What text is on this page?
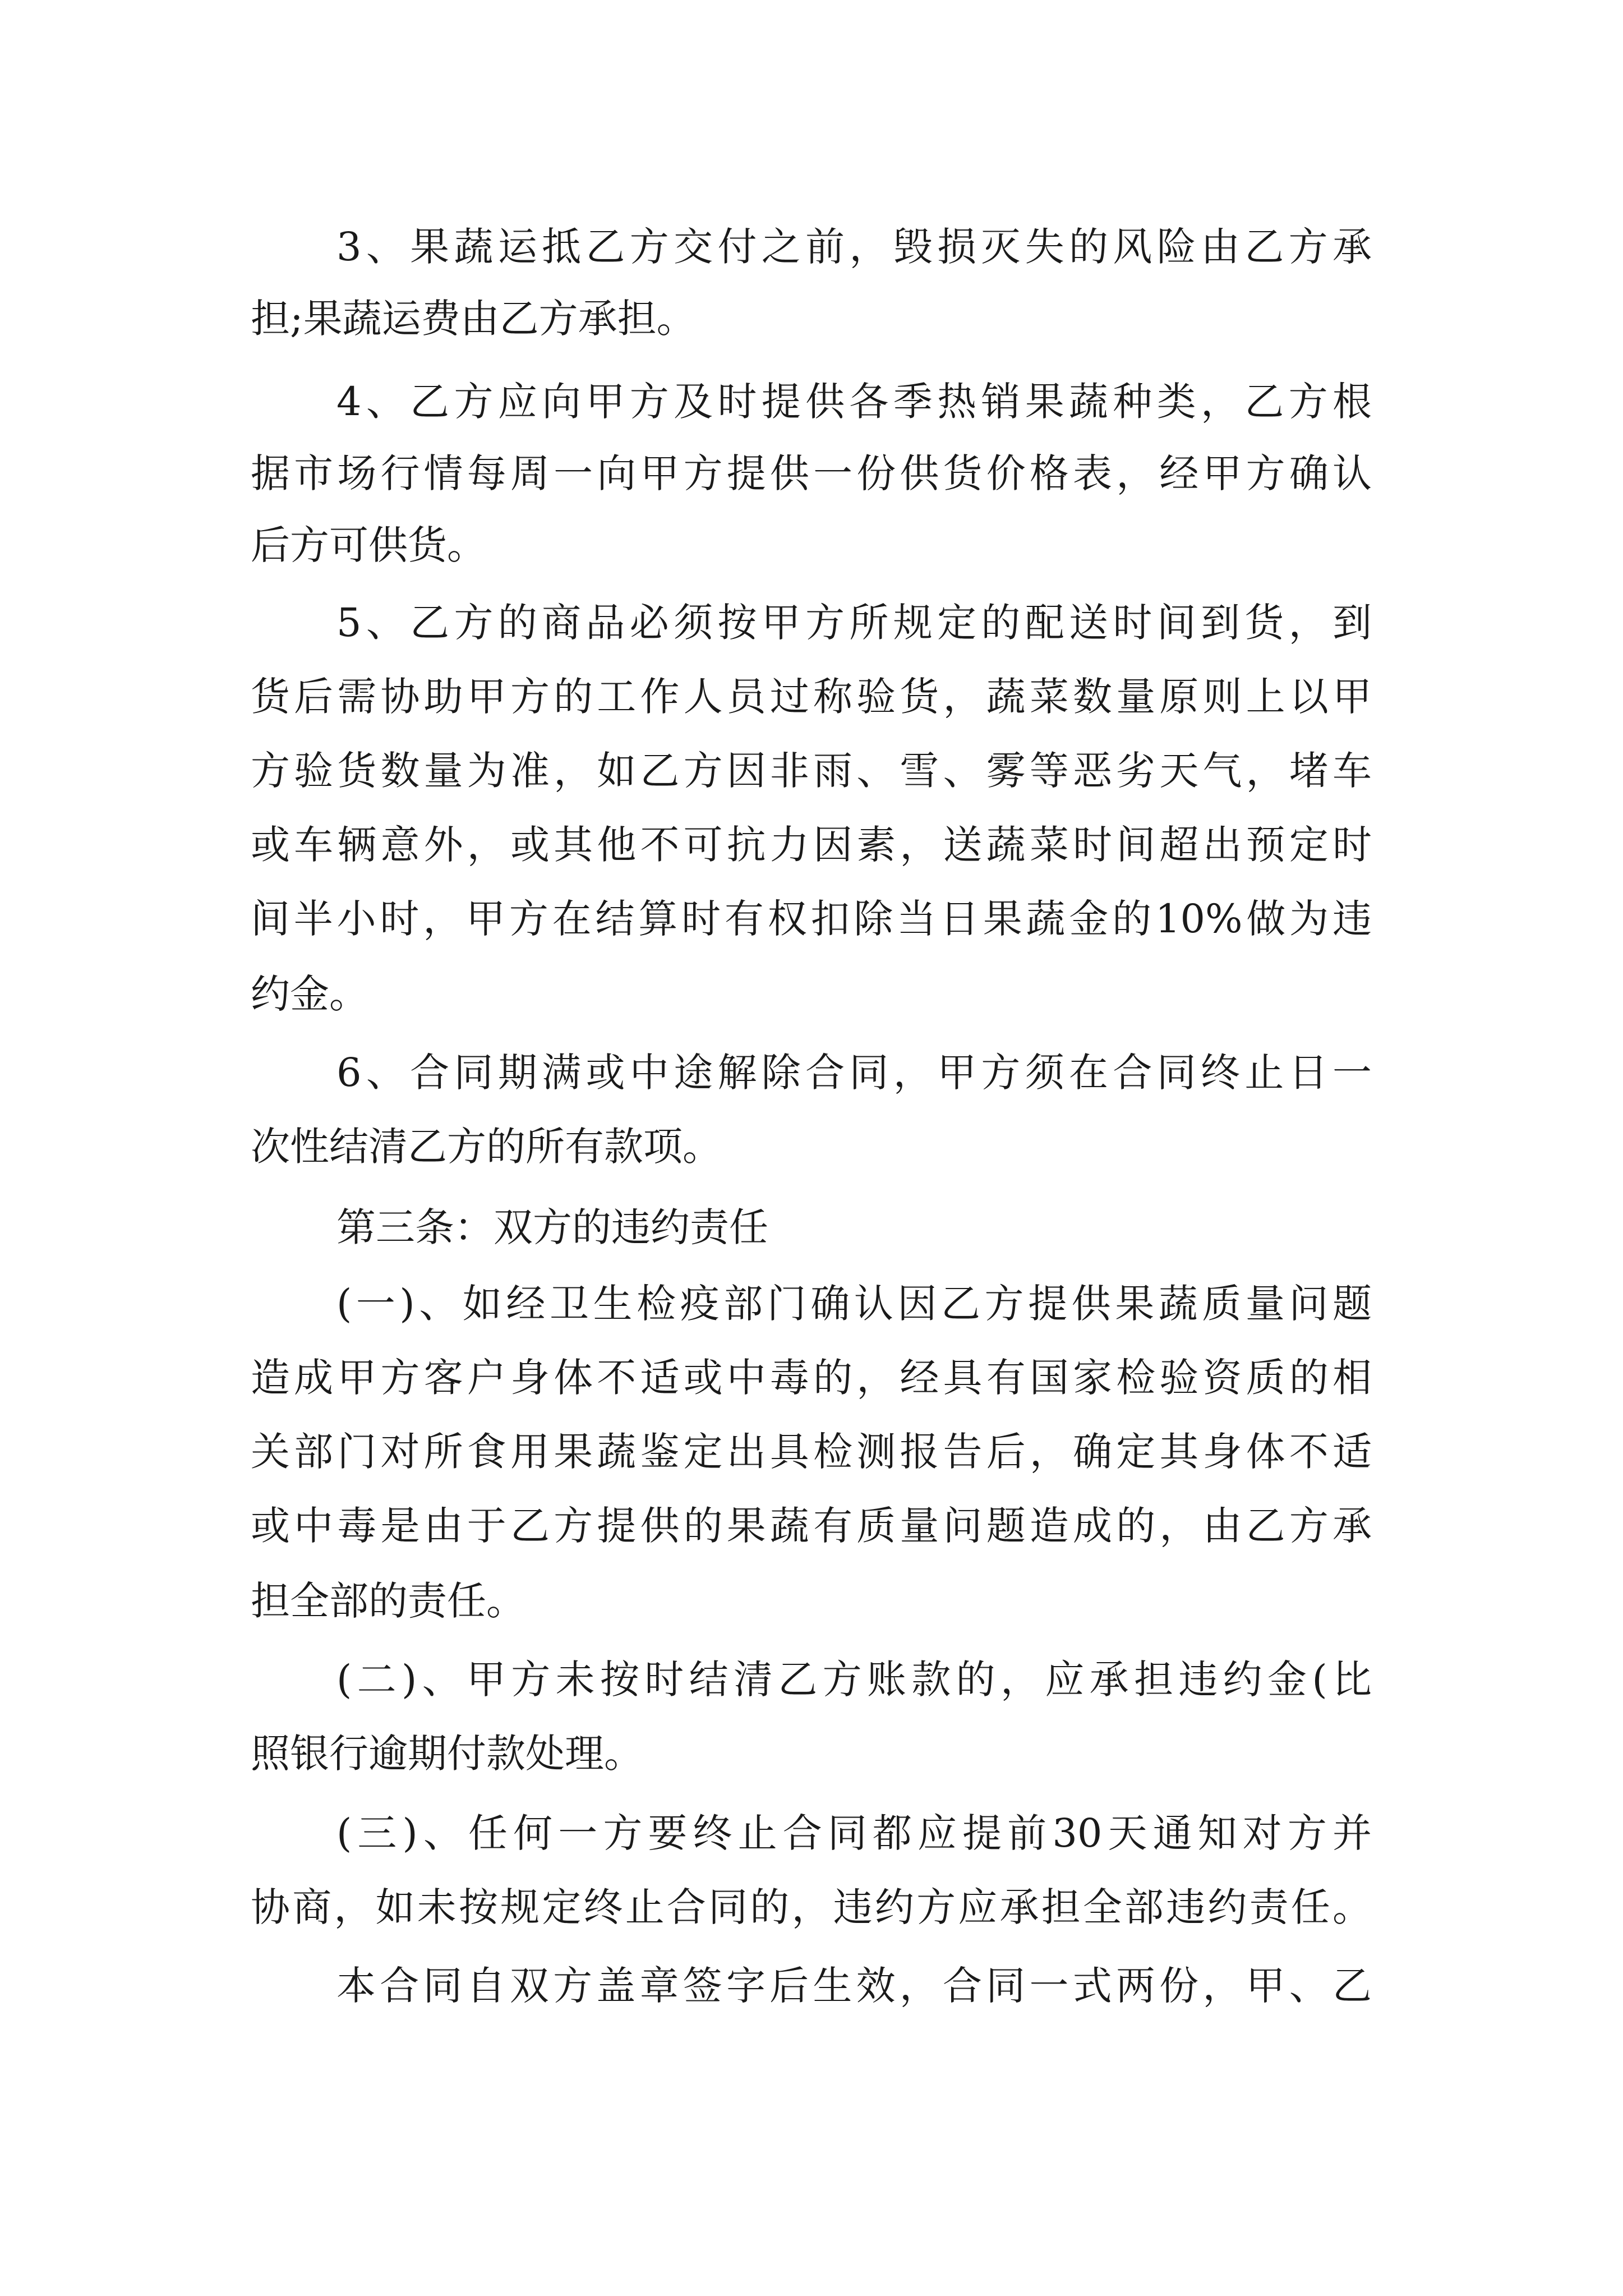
3、果蔬运抵乙方交付之前，毁损灭失的风险由乙方承

担;果蔬运费由乙方承担。

4、乙方应向甲方及时提供各季热销果蔬种类，乙方根

据市场行情每周一向甲方提供一份供货价格表，经甲方确认

后方可供货。

5、乙方的商品必须按甲方所规定的配送时间到货，到

货后需协助甲方的工作人员过称验货，蔬菜数量原则上以甲

方验货数量为准，如乙方因非雨、雪、雾等恶劣天气，堵车

或车辆意外，或其他不可抗力因素，送蔬菜时间超出预定时

间半小时，甲方在结算时有权扣除当日果蔬金的10%做为违

约金。

6、合同期满或中途解除合同，甲方须在合同终止日一

次性结清乙方的所有款项。

第三条：双方的违约责任

(一)、如经卫生检疫部门确认因乙方提供果蔬质量问题

造成甲方客户身体不适或中毒的，经具有国家检验资质的相

关部门对所食用果蔬鉴定出具检测报告后，确定其身体不适

或中毒是由于乙方提供的果蔬有质量问题造成的，由乙方承

担全部的责任。

(二)、甲方未按时结清乙方账款的，应承担违约金(比

照银行逾期付款处理。

(三)、任何一方要终止合同都应提前30天通知对方并

协商，如未按规定终止合同的，违约方应承担全部违约责任。

本合同自双方盖章签字后生效，合同一式两份，甲、乙
